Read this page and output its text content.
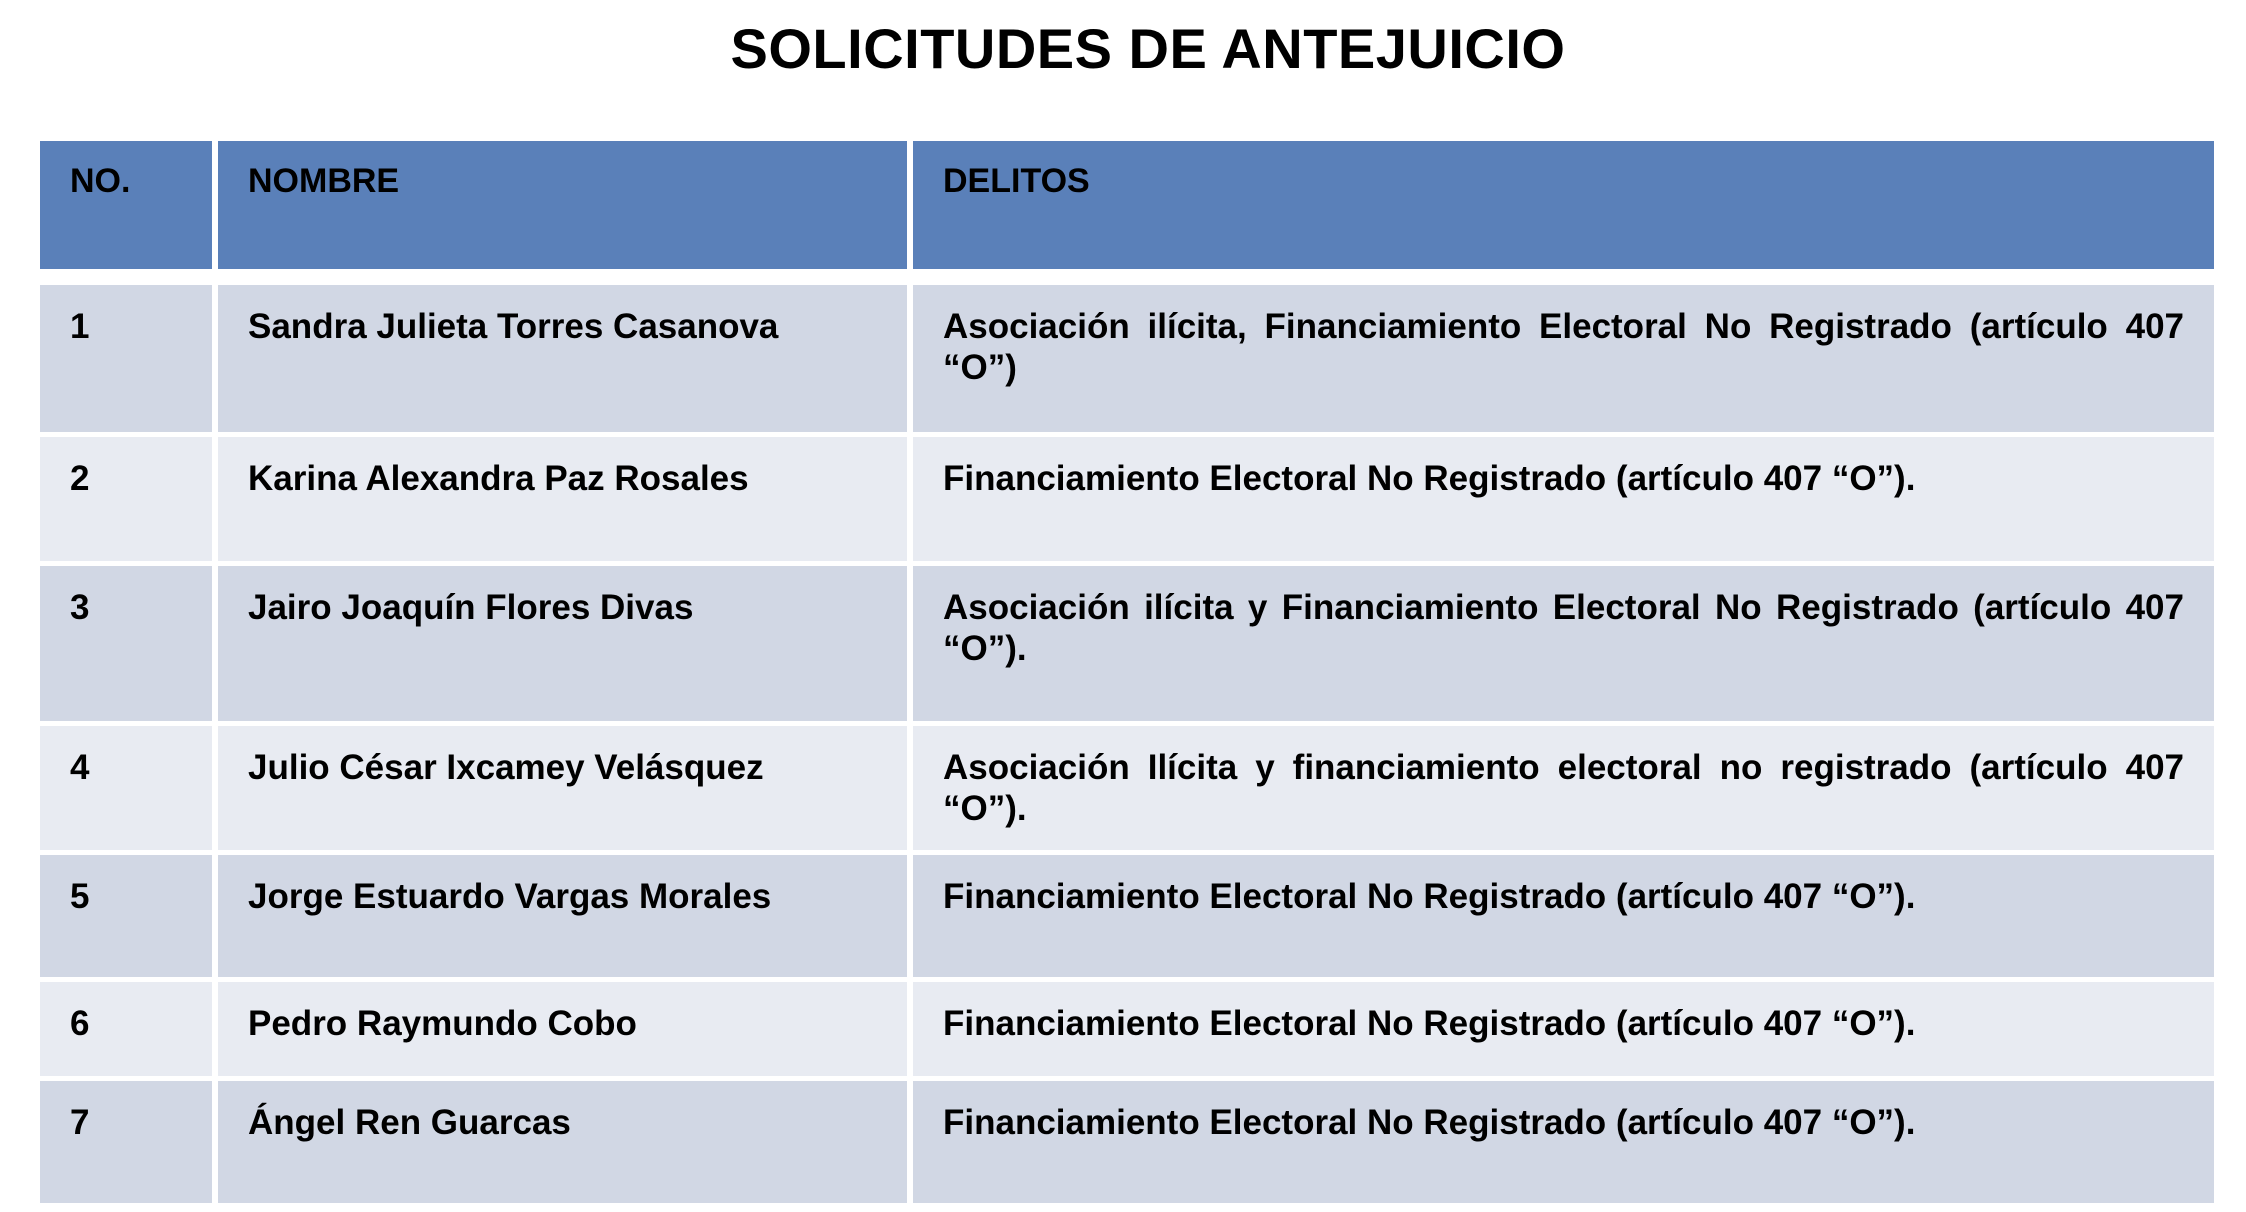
SOLICITUDES DE ANTEJUICIO
NO.	NOMBRE	DELITOS

1	Sandra Julieta Torres Casanova	Asociación ilícita, Financiamiento Electoral No Registrado (artículo 407 “O”)
2	Karina Alexandra Paz Rosales	Financiamiento Electoral No Registrado (artículo 407 “O”).
3	Jairo Joaquín Flores Divas	Asociación ilícita y Financiamiento Electoral No Registrado (artículo 407 “O”).
4	Julio César Ixcamey Velásquez	Asociación Ilícita y financiamiento electoral no registrado (artículo 407 “O”).
5	Jorge Estuardo Vargas Morales	Financiamiento Electoral No Registrado (artículo 407 “O”).
6	Pedro Raymundo Cobo	Financiamiento Electoral No Registrado (artículo 407 “O”).
7	Ángel Ren Guarcas	Financiamiento Electoral No Registrado (artículo 407 “O”).
